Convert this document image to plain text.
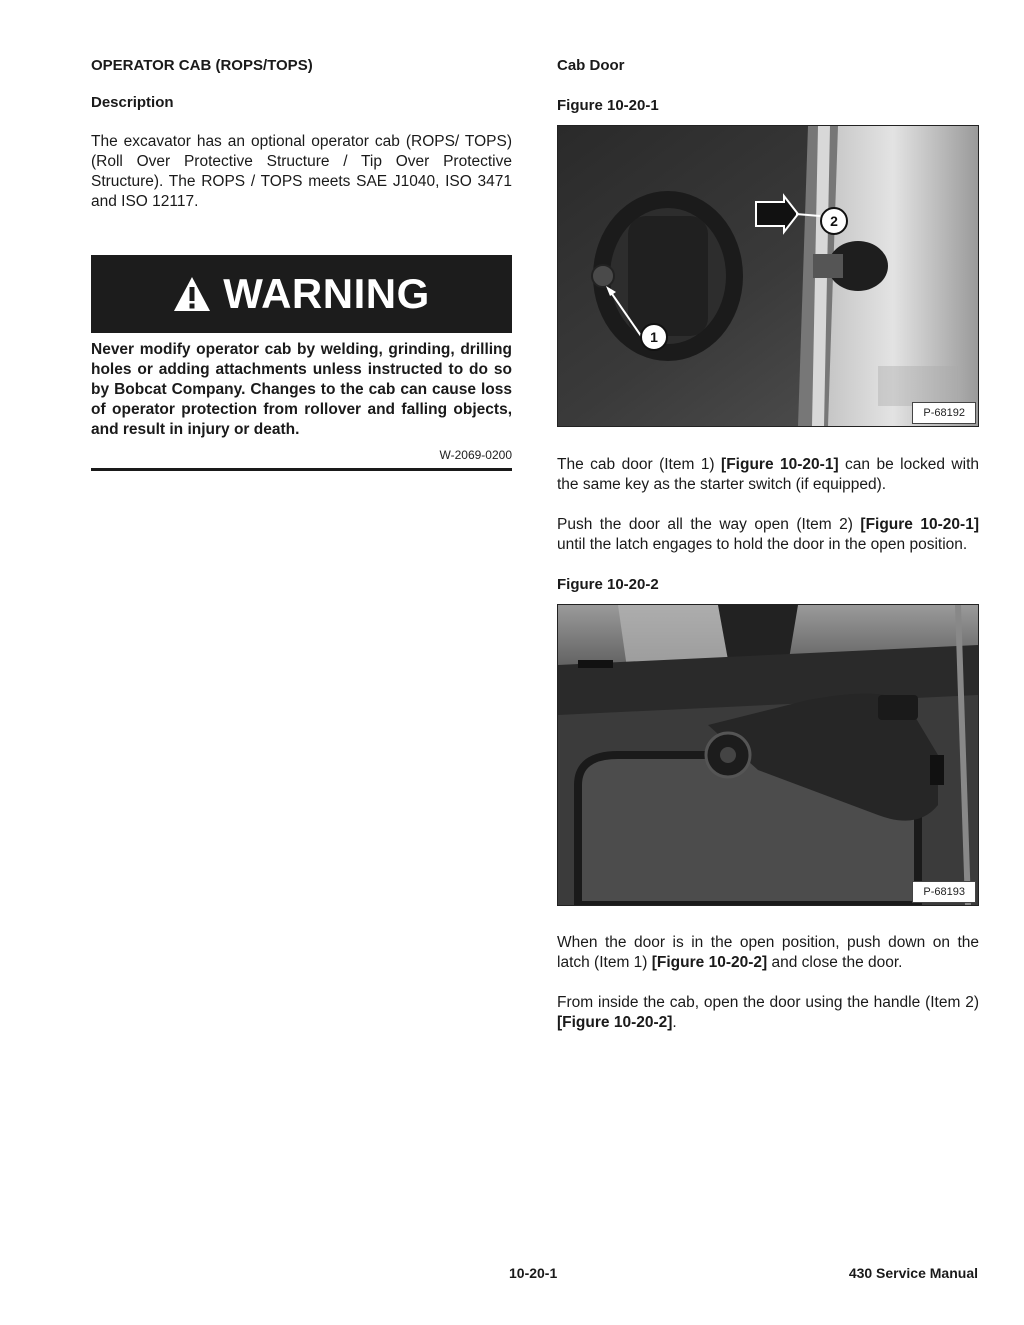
OPERATOR CAB (ROPS/TOPS)

Description

The excavator has an optional operator cab (ROPS/ TOPS) (Roll Over Protective Structure / Tip Over Protective Structure). The ROPS / TOPS meets SAE J1040, ISO 3471 and ISO 12117.

WARNING

Never modify operator cab by welding, grinding, drilling holes or adding attachments unless instructed to do so by Bobcat Company. Changes to the cab can cause loss of operator protection from rollover and falling objects, and result in injury or death.

W-2069-0200

Cab Door

Figure 10-20-1

1
2
P-68192

The cab door (Item 1) [Figure 10-20-1] can be locked with the same key as the starter switch (if equipped).

Push the door all the way open (Item 2) [Figure 10-20-1] until the latch engages to hold the door in the open position.

Figure 10-20-2

P-68193

When the door is in the open position, push down on the latch (Item 1) [Figure 10-20-2] and close the door.

From inside the cab, open the door using the handle (Item 2) [Figure 10-20-2].

10-20-1	430 Service Manual
